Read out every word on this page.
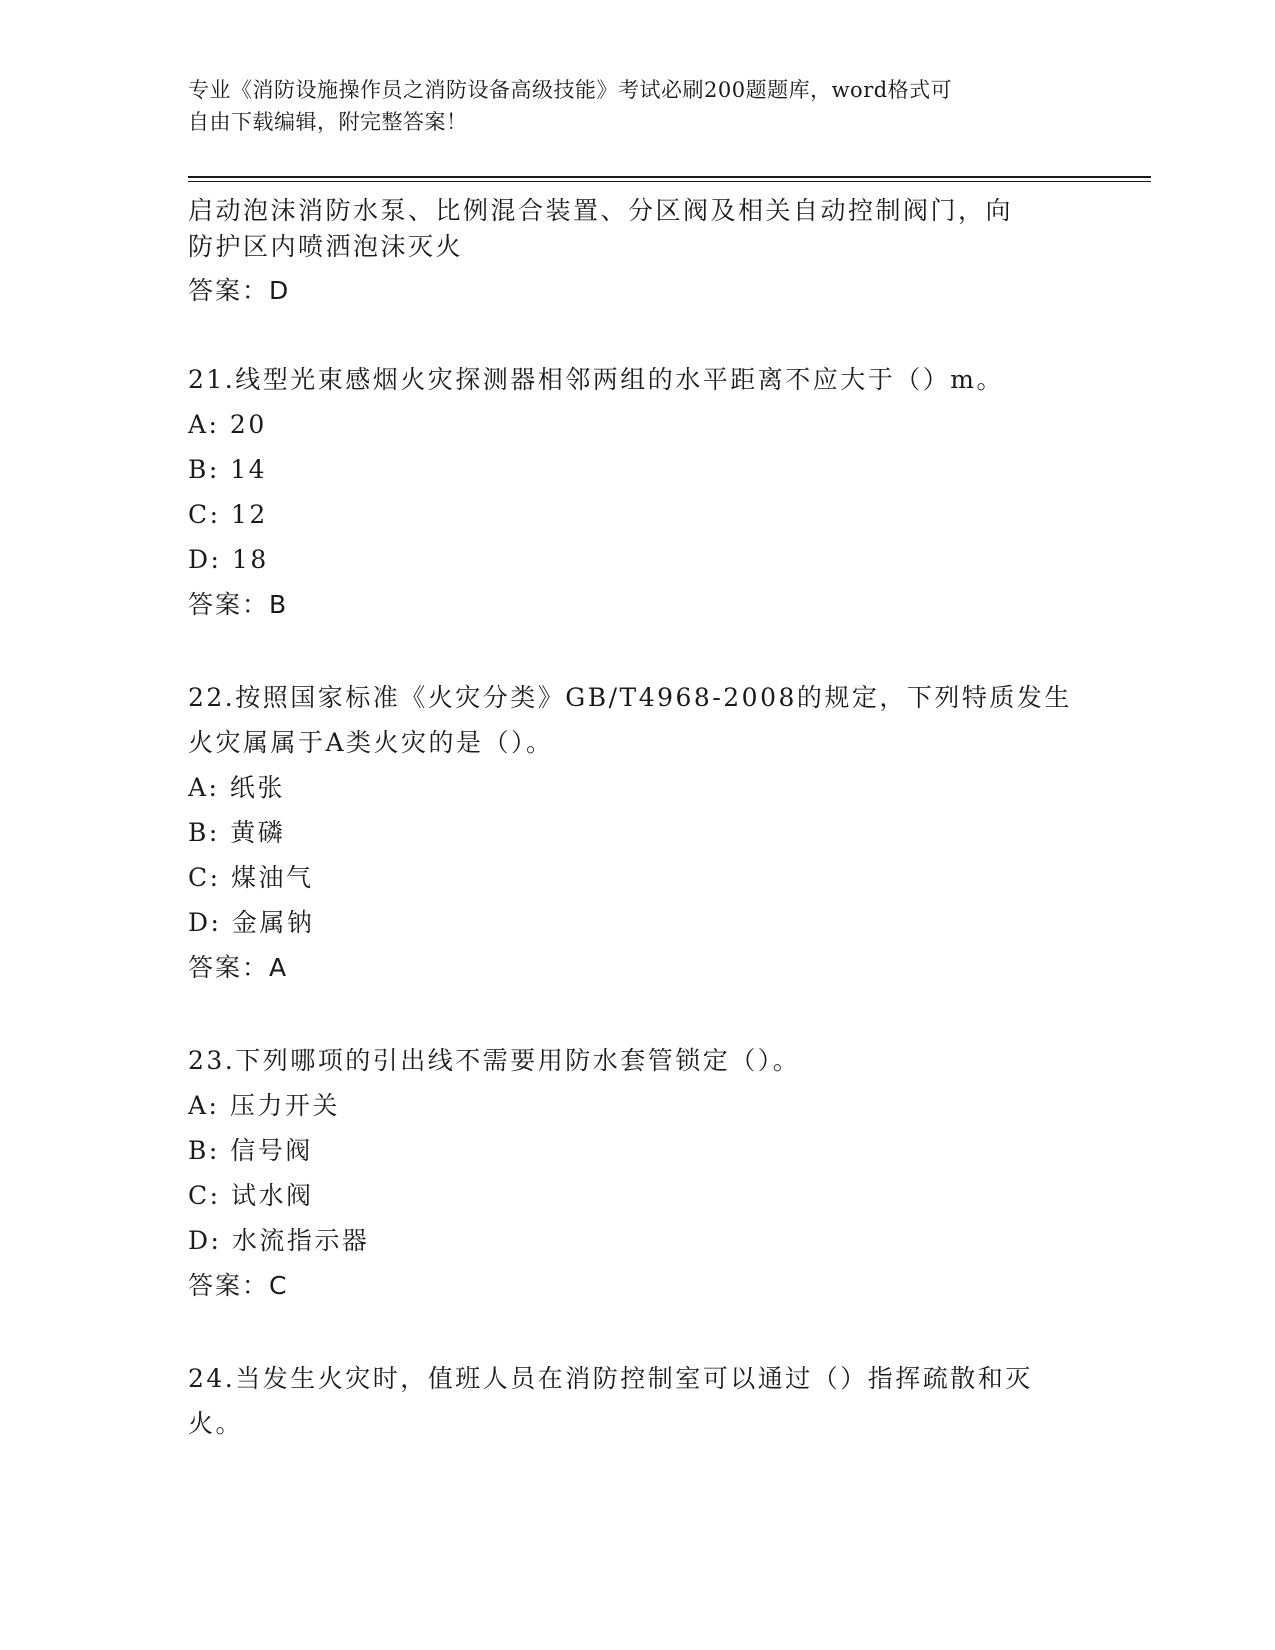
专业《消防设施操作员之消防设备高级技能》考试必刷200题题库，word格式可
自由下载编辑，附完整答案！

启动泡沫消防水泵、比例混合装置、分区阀及相关自动控制阀门，向

防护区内喷洒泡沫灭火

答案：D

21.线型光束感烟火灾探测器相邻两组的水平距离不应大于（）m。

A: 20

B: 14

C: 12

D: 18

答案：B

22.按照国家标准《火灾分类》GB/T4968-2008的规定，下列特质发生

火灾属属于A类火灾的是（）。

A: 纸张

B: 黄磷

C: 煤油气

D: 金属钠

答案：A

23.下列哪项的引出线不需要用防水套管锁定（）。

A: 压力开关

B: 信号阀

C: 试水阀

D: 水流指示器

答案：C

24.当发生火灾时，值班人员在消防控制室可以通过（）指挥疏散和灭

火。
